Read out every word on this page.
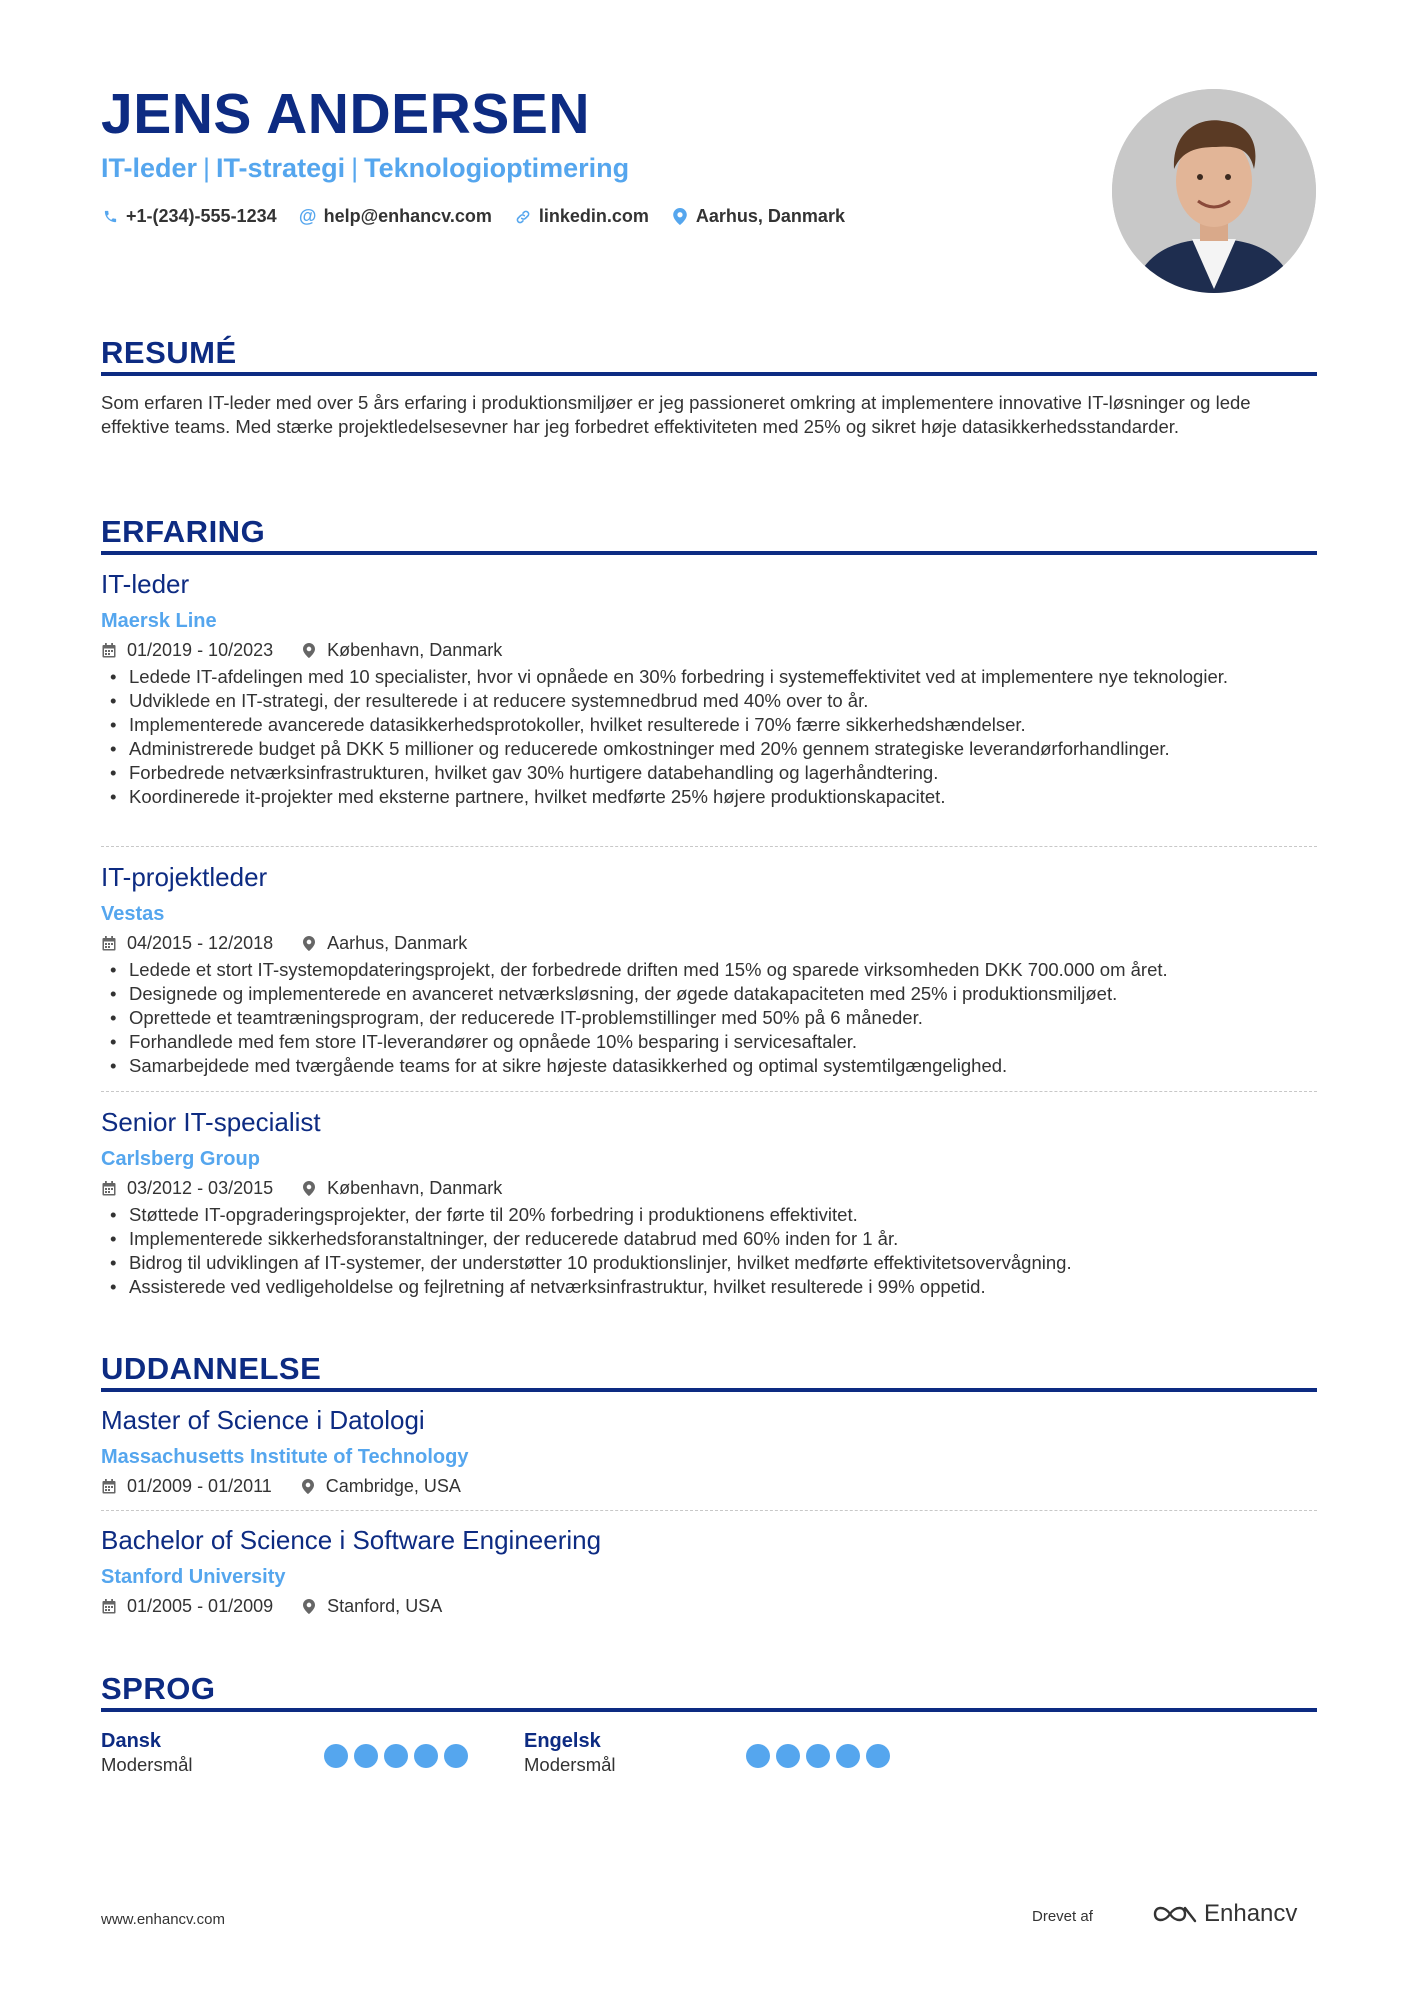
JENS ANDERSEN
IT-leder | IT-strategi | Teknologioptimering
+1-(234)-555-1234 @ help@enhancv.com	linkedin.com	Aarhus, Danmark
RESUMÉ
Som erfaren IT-leder med over 5 års erfaring i produktionsmiljøer er jeg passioneret omkring at implementere innovative IT-løsninger og lede effektive teams. Med stærke projektledelsesevner har jeg forbedret effektiviteten med 25% og sikret høje datasikkerhedsstandarder.
ERFARING
IT-leder
Maersk Line
01/2019 - 10/2023	København, Danmark
• Ledede IT-afdelingen med 10 specialister, hvor vi opnåede en 30% forbedring i systemeffektivitet ved at implementere nye teknologier.
• Udviklede en IT-strategi, der resulterede i at reducere systemnedbrud med 40% over to år.
• Implementerede avancerede datasikkerhedsprotokoller, hvilket resulterede i 70% færre sikkerhedshændelser.
• Administrerede budget på DKK 5 millioner og reducerede omkostninger med 20% gennem strategiske leverandørforhandlinger.
• Forbedrede netværksinfrastrukturen, hvilket gav 30% hurtigere databehandling og lagerhåndtering.
• Koordinerede it-projekter med eksterne partnere, hvilket medførte 25% højere produktionskapacitet.
IT-projektleder
Vestas
04/2015 - 12/2018	Aarhus, Danmark
• Ledede et stort IT-systemopdateringsprojekt, der forbedrede driften med 15% og sparede virksomheden DKK 700.000 om året.
• Designede og implementerede en avanceret netværksløsning, der øgede datakapaciteten med 25% i produktionsmiljøet.
• Oprettede et teamtræningsprogram, der reducerede IT-problemstillinger med 50% på 6 måneder.
• Forhandlede med fem store IT-leverandører og opnåede 10% besparing i servicesaftaler.
• Samarbejdede med tværgående teams for at sikre højeste datasikkerhed og optimal systemtilgængelighed.
Senior IT-specialist
Carlsberg Group
03/2012 - 03/2015	København, Danmark
• Støttede IT-opgraderingsprojekter, der førte til 20% forbedring i produktionens effektivitet.
• Implementerede sikkerhedsforanstaltninger, der reducerede databrud med 60% inden for 1 år.
• Bidrog til udviklingen af IT-systemer, der understøtter 10 produktionslinjer, hvilket medførte effektivitetsovervågning.
• Assisterede ved vedligeholdelse og fejlretning af netværksinfrastruktur, hvilket resulterede i 99% oppetid.
UDDANNELSE
Master of Science i Datologi
Massachusetts Institute of Technology
01/2009 - 01/2011	Cambridge, USA
Bachelor of Science i Software Engineering
Stanford University
01/2005 - 01/2009	Stanford, USA
SPROG
Dansk
Modersmål
Engelsk
Modersmål
www.enhancv.com	Drevet af	Enhancv
